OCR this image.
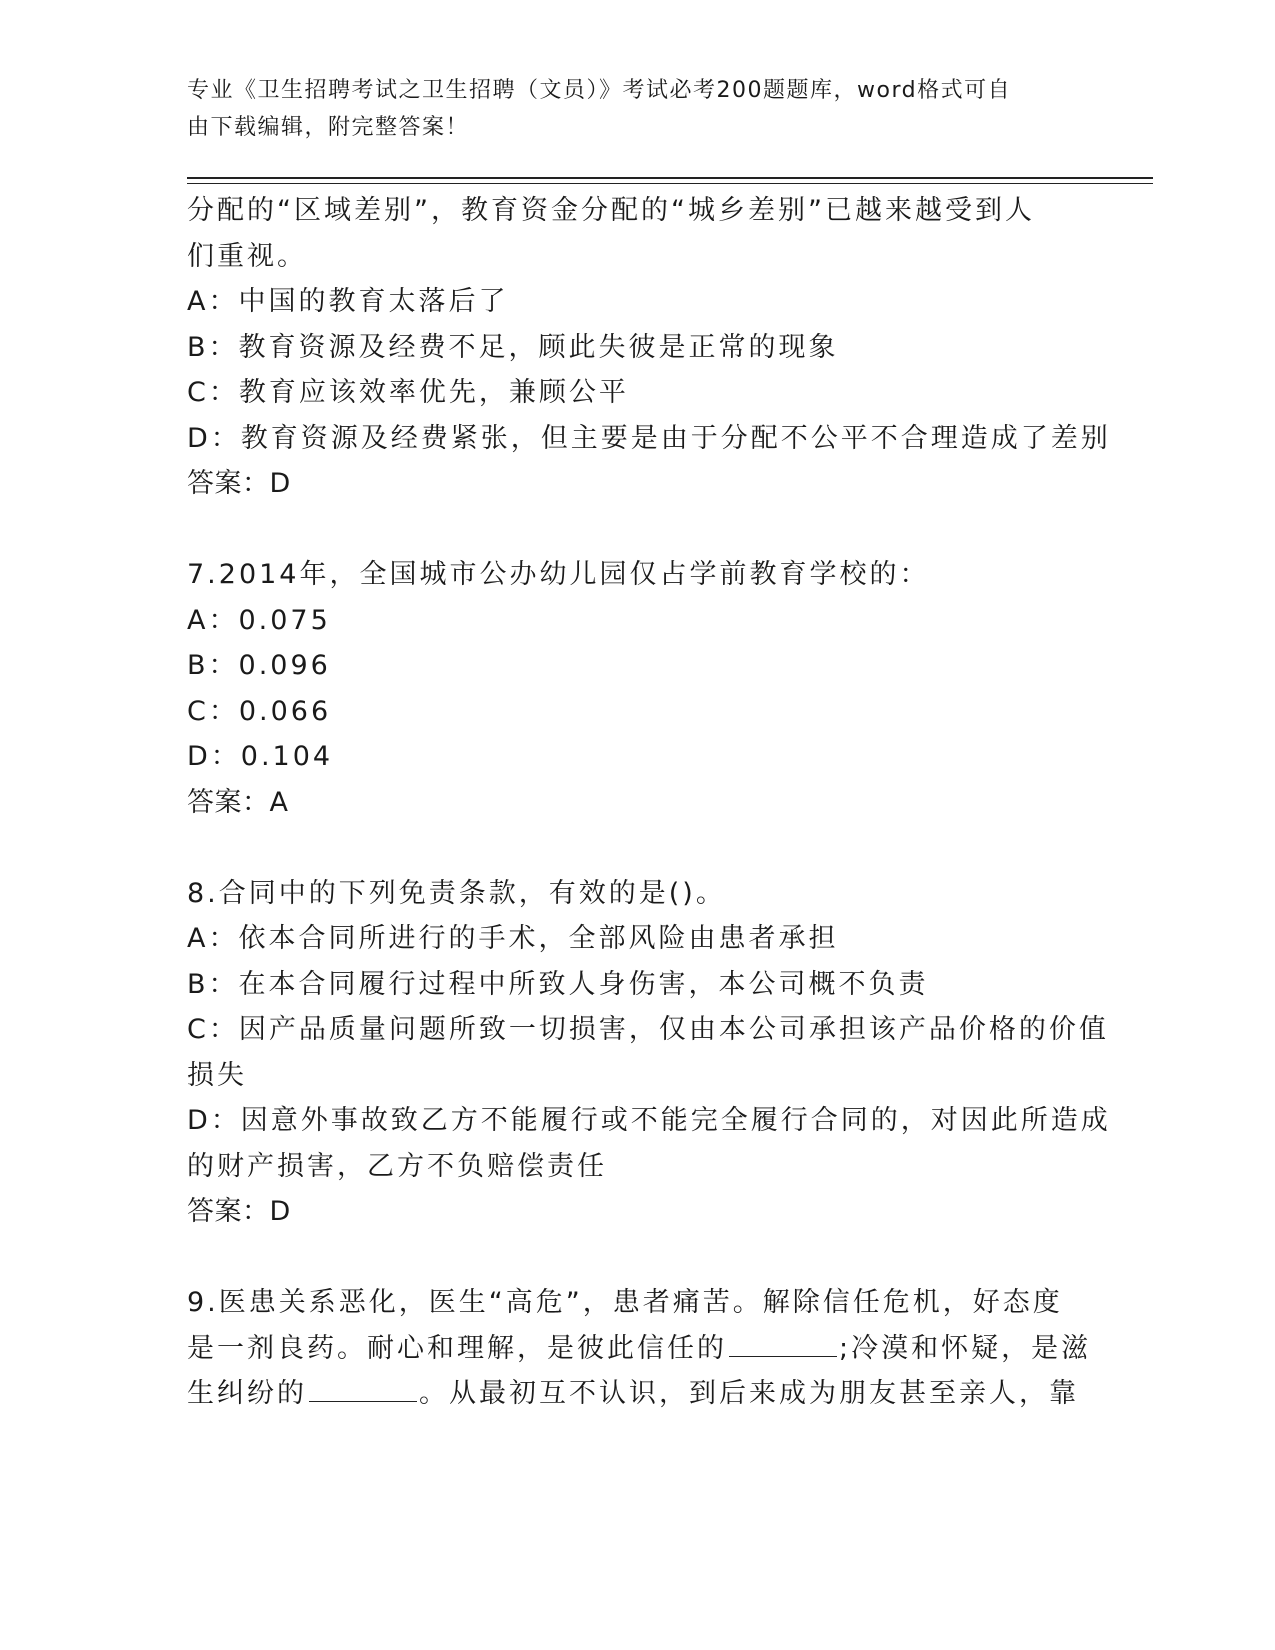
专业《卫生招聘考试之卫生招聘（文员）》考试必考200题题库，word格式可自
由下载编辑，附完整答案！
分配的“区域差别”，教育资金分配的“城乡差别”已越来越受到人
们重视。
A：中国的教育太落后了
B：教育资源及经费不足，顾此失彼是正常的现象
C：教育应该效率优先，兼顾公平
D：教育资源及经费紧张，但主要是由于分配不公平不合理造成了差别
答案：D
7.2014年，全国城市公办幼儿园仅占学前教育学校的：
A：0.075
B：0.096
C：0.066
D：0.104
答案：A
8.合同中的下列免责条款，有效的是()。
A：依本合同所进行的手术，全部风险由患者承担
B：在本合同履行过程中所致人身伤害，本公司概不负责
C：因产品质量问题所致一切损害，仅由本公司承担该产品价格的价值
损失
D：因意外事故致乙方不能履行或不能完全履行合同的，对因此所造成
的财产损害，乙方不负赔偿责任
答案：D
9.医患关系恶化，医生“高危”，患者痛苦。解除信任危机，好态度
是一剂良药。耐心和理解，是彼此信任的	;冷漠和怀疑，是滋
生纠纷的	。从最初互不认识，到后来成为朋友甚至亲人，靠
